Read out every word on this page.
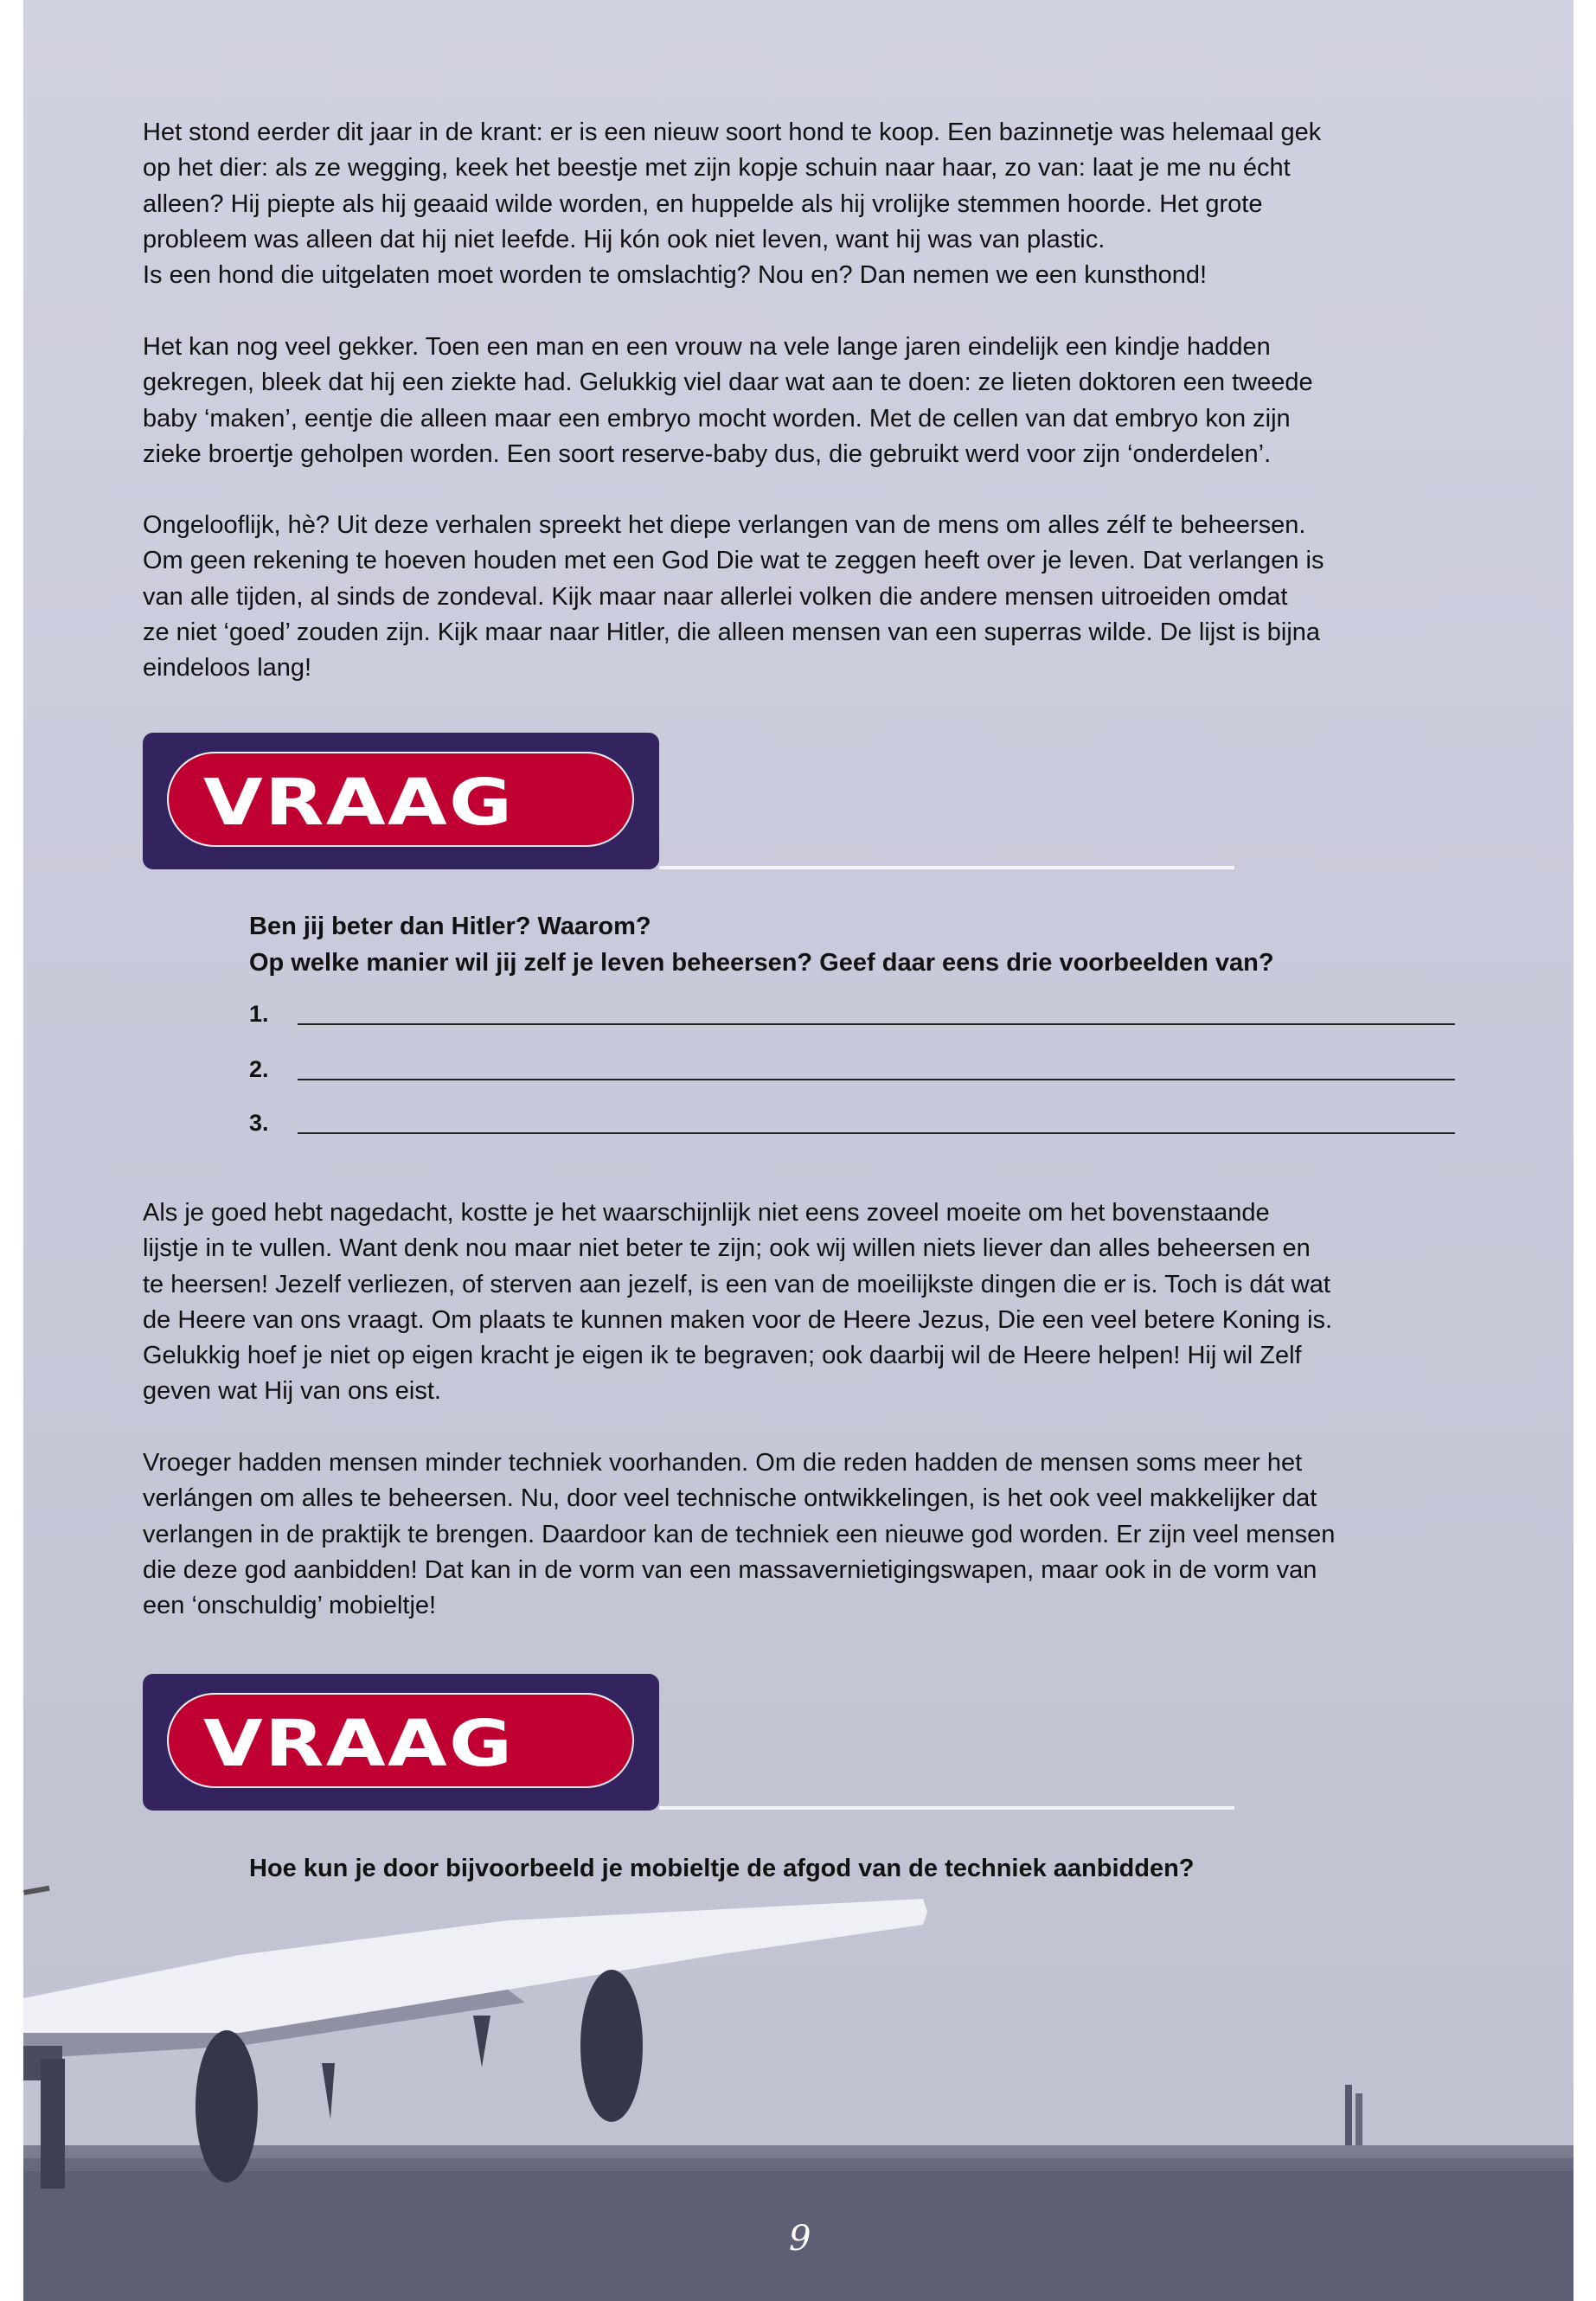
Het stond eerder dit jaar in de krant: er is een nieuw soort hond te koop. Een bazinnetje was helemaal gek
op het dier: als ze wegging, keek het beestje met zijn kopje schuin naar haar, zo van: laat je me nu écht
alleen? Hij piepte als hij geaaid wilde worden, en huppelde als hij vrolijke stemmen hoorde. Het grote
probleem was alleen dat hij niet leefde. Hij kón ook niet leven, want hij was van plastic.
Is een hond die uitgelaten moet worden te omslachtig? Nou en? Dan nemen we een kunsthond!
Het kan nog veel gekker. Toen een man en een vrouw na vele lange jaren eindelijk een kindje hadden
gekregen, bleek dat hij een ziekte had. Gelukkig viel daar wat aan te doen: ze lieten doktoren een tweede
baby ‘maken’, eentje die alleen maar een embryo mocht worden. Met de cellen van dat embryo kon zijn
zieke broertje geholpen worden. Een soort reserve-baby dus, die gebruikt werd voor zijn ‘onderdelen’.
Ongelooflijk, hè? Uit deze verhalen spreekt het diepe verlangen van de mens om alles zélf te beheersen.
Om geen rekening te hoeven houden met een God Die wat te zeggen heeft over je leven. Dat verlangen is
van alle tijden, al sinds de zondeval. Kijk maar naar allerlei volken die andere mensen uitroeiden omdat
ze niet ‘goed’ zouden zijn. Kijk maar naar Hitler, die alleen mensen van een superras wilde. De lijst is bijna
eindeloos lang!
VRAAG
Ben jij beter dan Hitler? Waarom?
Op welke manier wil jij zelf je leven beheersen? Geef daar eens drie voorbeelden van?
1.
2.
3.
Als je goed hebt nagedacht, kostte je het waarschijnlijk niet eens zoveel moeite om het bovenstaande
lijstje in te vullen. Want denk nou maar niet beter te zijn; ook wij willen niets liever dan alles beheersen en
te heersen! Jezelf verliezen, of sterven aan jezelf, is een van de moeilijkste dingen die er is. Toch is dát wat
de Heere van ons vraagt. Om plaats te kunnen maken voor de Heere Jezus, Die een veel betere Koning is.
Gelukkig hoef je niet op eigen kracht je eigen ik te begraven; ook daarbij wil de Heere helpen! Hij wil Zelf
geven wat Hij van ons eist.
Vroeger hadden mensen minder techniek voorhanden. Om die reden hadden de mensen soms meer het
verlángen om alles te beheersen. Nu, door veel technische ontwikkelingen, is het ook veel makkelijker dat
verlangen in de praktijk te brengen. Daardoor kan de techniek een nieuwe god worden. Er zijn veel mensen
die deze god aanbidden! Dat kan in de vorm van een massavernietigingswapen, maar ook in de vorm van
een ‘onschuldig’ mobieltje!
VRAAG
Hoe kun je door bijvoorbeeld je mobieltje de afgod van de techniek aanbidden?
9
